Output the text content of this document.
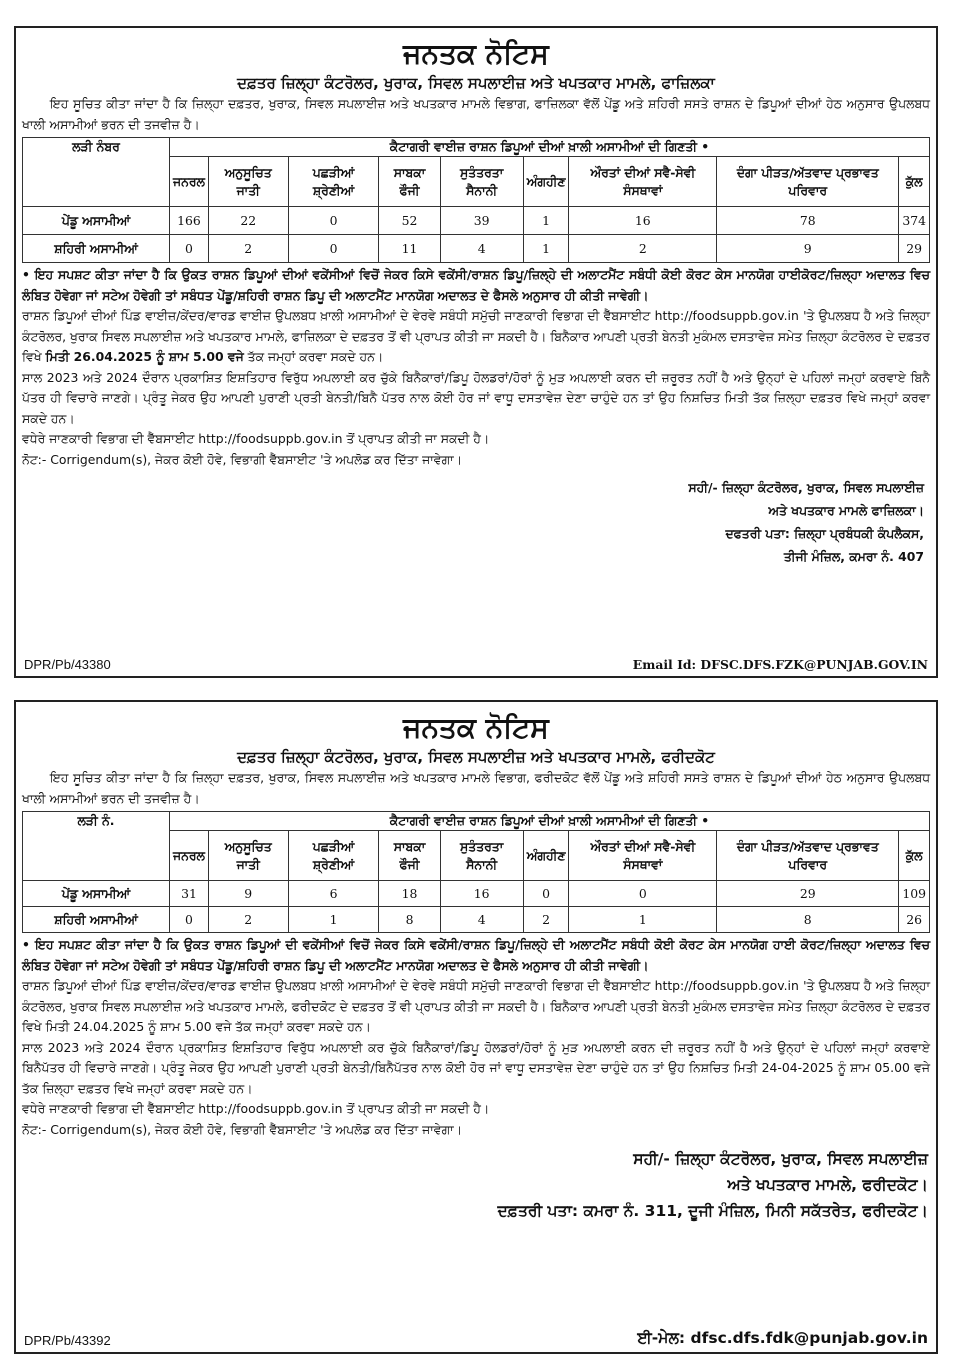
ਜਨਤਕ ਨੋਟਿਸ
ਦਫ਼ਤਰ ਜ਼ਿਲ੍ਹਾ ਕੰਟਰੋਲਰ, ਖੁਰਾਕ, ਸਿਵਲ ਸਪਲਾਈਜ਼ ਅਤੇ ਖਪਤਕਾਰ ਮਾਮਲੇ, ਫਾਜ਼ਿਲਕਾ

ਇਹ ਸੂਚਿਤ ਕੀਤਾ ਜਾਂਦਾ ਹੈ ਕਿ ਜ਼ਿਲ੍ਹਾ ਦਫ਼ਤਰ, ਖੁਰਾਕ, ਸਿਵਲ ਸਪਲਾਈਜ਼ ਅਤੇ ਖਪਤਕਾਰ ਮਾਮਲੇ ਵਿਭਾਗ, ਫਾਜ਼ਿਲਕਾ ਵੱਲੋਂ ਪੇਂਡੂ ਅਤੇ ਸ਼ਹਿਰੀ ਸਸਤੇ ਰਾਸ਼ਨ ਦੇ ਡਿਪੂਆਂ ਦੀਆਂ ਹੇਠ ਅਨੁਸਾਰ ਉਪਲਬਧ ਖਾਲੀ ਅਸਾਮੀਆਂ ਭਰਨ ਦੀ ਤਜਵੀਜ਼ ਹੈ।

ਲੜੀ ਨੰਬਰ	ਕੈਟਾਗਰੀ ਵਾਈਜ਼ ਰਾਸ਼ਨ ਡਿਪੂਆਂ ਦੀਆਂ ਖ਼ਾਲੀ ਅਸਾਮੀਆਂ ਦੀ ਗਿਣਤੀ •								
	ਜਨਰਲ	ਅਨੁਸੂਚਿਤ ਜਾਤੀ	ਪਛੜੀਆਂ ਸ਼੍ਰੇਣੀਆਂ	ਸਾਬਕਾ ਫੌਜੀ	ਸੁਤੰਤਰਤਾ ਸੈਨਾਨੀ	ਅੰਗਹੀਣ	ਔਰਤਾਂ ਦੀਆਂ ਸਵੈ-ਸੇਵੀ ਸੰਸਥਾਵਾਂ	ਦੰਗਾ ਪੀੜਤ/ਅੱਤਵਾਦ ਪ੍ਰਭਾਵਤ ਪਰਿਵਾਰ	ਕੁੱਲ
ਪੇਂਡੂ ਅਸਾਮੀਆਂ	166	22	0	52	39	1	16	78	374
ਸ਼ਹਿਰੀ ਅਸਾਮੀਆਂ	0	2	0	11	4	1	2	9	29

• ਇਹ ਸਪਸ਼ਟ ਕੀਤਾ ਜਾਂਦਾ ਹੈ ਕਿ ਉਕਤ ਰਾਸ਼ਨ ਡਿਪੂਆਂ ਦੀਆਂ ਵਕੇਂਸੀਆਂ ਵਿਚੋਂ ਜੇਕਰ ਕਿਸੇ ਵਕੇਂਸੀ/ਰਾਸ਼ਨ ਡਿਪੂ/ਜ਼ਿਲ੍ਹੇ ਦੀ ਅਲਾਟਮੈਂਟ ਸਬੰਧੀ ਕੋਈ ਕੋਰਟ ਕੇਸ ਮਾਨਯੋਗ ਹਾਈਕੋਰਟ/ਜ਼ਿਲ੍ਹਾ ਅਦਾਲਤ ਵਿਚ ਲੰਬਿਤ ਹੋਵੇਗਾ ਜਾਂ ਸਟੇਅ ਹੋਵੇਗੀ ਤਾਂ ਸਬੰਧਤ ਪੇਂਡੂ/ਸ਼ਹਿਰੀ ਰਾਸ਼ਨ ਡਿਪੂ ਦੀ ਅਲਾਟਮੈਂਟ ਮਾਨਯੋਗ ਅਦਾਲਤ ਦੇ ਫੈਸਲੇ ਅਨੁਸਾਰ ਹੀ ਕੀਤੀ ਜਾਵੇਗੀ।

ਰਾਸ਼ਨ ਡਿਪੂਆਂ ਦੀਆਂ ਪਿੰਡ ਵਾਈਜ਼/ਕੇਂਦਰ/ਵਾਰਡ ਵਾਈਜ਼ ਉਪਲਬਧ ਖ਼ਾਲੀ ਅਸਾਮੀਆਂ ਦੇ ਵੇਰਵੇ ਸਬੰਧੀ ਸਮੁੱਚੀ ਜਾਣਕਾਰੀ ਵਿਭਾਗ ਦੀ ਵੈੱਬਸਾਈਟ http://foodsuppb.gov.in 'ਤੇ ਉਪਲਬਧ ਹੈ ਅਤੇ ਜ਼ਿਲ੍ਹਾ ਕੰਟਰੋਲਰ, ਖੁਰਾਕ ਸਿਵਲ ਸਪਲਾਈਜ਼ ਅਤੇ ਖਪਤਕਾਰ ਮਾਮਲੇ, ਫਾਜ਼ਿਲਕਾ ਦੇ ਦਫ਼ਤਰ ਤੋਂ ਵੀ ਪ੍ਰਾਪਤ ਕੀਤੀ ਜਾ ਸਕਦੀ ਹੈ। ਬਿਨੈਕਾਰ ਆਪਣੀ ਪ੍ਰਤੀ ਬੇਨਤੀ ਮੁਕੰਮਲ ਦਸਤਾਵੇਜ਼ ਸਮੇਤ ਜ਼ਿਲ੍ਹਾ ਕੰਟਰੋਲਰ ਦੇ ਦਫ਼ਤਰ ਵਿਖੇ ਮਿਤੀ 26.04.2025 ਨੂੰ ਸ਼ਾਮ 5.00 ਵਜੇ ਤੱਕ ਜਮ੍ਹਾਂ ਕਰਵਾ ਸਕਦੇ ਹਨ।

ਸਾਲ 2023 ਅਤੇ 2024 ਦੌਰਾਨ ਪ੍ਰਕਾਸ਼ਿਤ ਇਸ਼ਤਿਹਾਰ ਵਿਰੁੱਧ ਅਪਲਾਈ ਕਰ ਚੁੱਕੇ ਬਿਨੈਕਾਰਾਂ/ਡਿਪੂ ਹੋਲਡਰਾਂ/ਹੋਰਾਂ ਨੂੰ ਮੁੜ ਅਪਲਾਈ ਕਰਨ ਦੀ ਜ਼ਰੂਰਤ ਨਹੀਂ ਹੈ ਅਤੇ ਉਨ੍ਹਾਂ ਦੇ ਪਹਿਲਾਂ ਜਮ੍ਹਾਂ ਕਰਵਾਏ ਬਿਨੈ ਪੱਤਰ ਹੀ ਵਿਚਾਰੇ ਜਾਣਗੇ। ਪ੍ਰੰਤੂ ਜੇਕਰ ਉਹ ਆਪਣੀ ਪੁਰਾਣੀ ਪ੍ਰਤੀ ਬੇਨਤੀ/ਬਿਨੈ ਪੱਤਰ ਨਾਲ ਕੋਈ ਹੋਰ ਜਾਂ ਵਾਧੂ ਦਸਤਾਵੇਜ਼ ਦੇਣਾ ਚਾਹੁੰਦੇ ਹਨ ਤਾਂ ਉਹ ਨਿਸ਼ਚਿਤ ਮਿਤੀ ਤੱਕ ਜ਼ਿਲ੍ਹਾ ਦਫ਼ਤਰ ਵਿਖੇ ਜਮ੍ਹਾਂ ਕਰਵਾ ਸਕਦੇ ਹਨ।

ਵਧੇਰੇ ਜਾਣਕਾਰੀ ਵਿਭਾਗ ਦੀ ਵੈੱਬਸਾਈਟ http://foodsuppb.gov.in ਤੋਂ ਪ੍ਰਾਪਤ ਕੀਤੀ ਜਾ ਸਕਦੀ ਹੈ।

ਨੋਟ:- Corrigendum(s), ਜੇਕਰ ਕੋਈ ਹੋਵੇ, ਵਿਭਾਗੀ ਵੈੱਬਸਾਈਟ 'ਤੇ ਅਪਲੋਡ ਕਰ ਦਿੱਤਾ ਜਾਵੇਗਾ।

ਸਹੀ/- ਜ਼ਿਲ੍ਹਾ ਕੰਟਰੋਲਰ, ਖੁਰਾਕ, ਸਿਵਲ ਸਪਲਾਈਜ਼
ਅਤੇ ਖਪਤਕਾਰ ਮਾਮਲੇ ਫਾਜ਼ਿਲਕਾ।
ਦਫਤਰੀ ਪਤਾ: ਜ਼ਿਲ੍ਹਾ ਪ੍ਰਬੰਧਕੀ ਕੰਪਲੈਕਸ,
ਤੀਜੀ ਮੰਜ਼ਿਲ, ਕਮਰਾ ਨੰ. 407
DPR/Pb/43380	Email Id: DFSC.DFS.FZK@PUNJAB.GOV.IN
ਜਨਤਕ ਨੋਟਿਸ
ਦਫ਼ਤਰ ਜ਼ਿਲ੍ਹਾ ਕੰਟਰੋਲਰ, ਖੁਰਾਕ, ਸਿਵਲ ਸਪਲਾਈਜ਼ ਅਤੇ ਖਪਤਕਾਰ ਮਾਮਲੇ, ਫਰੀਦਕੋਟ

ਇਹ ਸੂਚਿਤ ਕੀਤਾ ਜਾਂਦਾ ਹੈ ਕਿ ਜ਼ਿਲ੍ਹਾ ਦਫ਼ਤਰ, ਖੁਰਾਕ, ਸਿਵਲ ਸਪਲਾਈਜ਼ ਅਤੇ ਖਪਤਕਾਰ ਮਾਮਲੇ ਵਿਭਾਗ, ਫਰੀਦਕੋਟ ਵੱਲੋਂ ਪੇਂਡੂ ਅਤੇ ਸ਼ਹਿਰੀ ਸਸਤੇ ਰਾਸ਼ਨ ਦੇ ਡਿਪੂਆਂ ਦੀਆਂ ਹੇਠ ਅਨੁਸਾਰ ਉਪਲਬਧ ਖਾਲੀ ਅਸਾਮੀਆਂ ਭਰਨ ਦੀ ਤਜਵੀਜ਼ ਹੈ।

ਲੜੀ ਨੰ.	ਕੈਟਾਗਰੀ ਵਾਈਜ਼ ਰਾਸ਼ਨ ਡਿਪੂਆਂ ਦੀਆਂ ਖ਼ਾਲੀ ਅਸਾਮੀਆਂ ਦੀ ਗਿਣਤੀ •								
	ਜਨਰਲ	ਅਨੁਸੂਚਿਤ ਜਾਤੀ	ਪਛੜੀਆਂ ਸ਼੍ਰੇਣੀਆਂ	ਸਾਬਕਾ ਫੌਜੀ	ਸੁਤੰਤਰਤਾ ਸੈਨਾਨੀ	ਅੰਗਹੀਣ	ਔਰਤਾਂ ਦੀਆਂ ਸਵੈ-ਸੇਵੀ ਸੰਸਥਾਵਾਂ	ਦੰਗਾ ਪੀੜਤ/ਅੱਤਵਾਦ ਪ੍ਰਭਾਵਤ ਪਰਿਵਾਰ	ਕੁੱਲ
ਪੇਂਡੂ ਅਸਾਮੀਆਂ	31	9	6	18	16	0	0	29	109
ਸ਼ਹਿਰੀ ਅਸਾਮੀਆਂ	0	2	1	8	4	2	1	8	26

• ਇਹ ਸਪਸ਼ਟ ਕੀਤਾ ਜਾਂਦਾ ਹੈ ਕਿ ਉਕਤ ਰਾਸ਼ਨ ਡਿਪੂਆਂ ਦੀ ਵਕੇਂਸੀਆਂ ਵਿਚੋਂ ਜੇਕਰ ਕਿਸੇ ਵਕੇਂਸੀ/ਰਾਸ਼ਨ ਡਿਪੂ/ਜ਼ਿਲ੍ਹੇ ਦੀ ਅਲਾਟਮੈਂਟ ਸਬੰਧੀ ਕੋਈ ਕੋਰਟ ਕੇਸ ਮਾਨਯੋਗ ਹਾਈ ਕੋਰਟ/ਜ਼ਿਲ੍ਹਾ ਅਦਾਲਤ ਵਿਚ ਲੰਬਿਤ ਹੋਵੇਗਾ ਜਾਂ ਸਟੇਅ ਹੋਵੇਗੀ ਤਾਂ ਸਬੰਧਤ ਪੇਂਡੂ/ਸ਼ਹਿਰੀ ਰਾਸ਼ਨ ਡਿਪੂ ਦੀ ਅਲਾਟਮੈਂਟ ਮਾਨਯੋਗ ਅਦਾਲਤ ਦੇ ਫੈਸਲੇ ਅਨੁਸਾਰ ਹੀ ਕੀਤੀ ਜਾਵੇਗੀ।

ਰਾਸ਼ਨ ਡਿਪੂਆਂ ਦੀਆਂ ਪਿੰਡ ਵਾਈਜ਼/ਕੇਂਦਰ/ਵਾਰਡ ਵਾਈਜ਼ ਉਪਲਬਧ ਖ਼ਾਲੀ ਅਸਾਮੀਆਂ ਦੇ ਵੇਰਵੇ ਸਬੰਧੀ ਸਮੁੱਚੀ ਜਾਣਕਾਰੀ ਵਿਭਾਗ ਦੀ ਵੈੱਬਸਾਈਟ http://foodsuppb.gov.in 'ਤੇ ਉਪਲਬਧ ਹੈ ਅਤੇ ਜ਼ਿਲ੍ਹਾ ਕੰਟਰੋਲਰ, ਖੁਰਾਕ ਸਿਵਲ ਸਪਲਾਈਜ਼ ਅਤੇ ਖਪਤਕਾਰ ਮਾਮਲੇ, ਫਰੀਦਕੋਟ ਦੇ ਦਫ਼ਤਰ ਤੋਂ ਵੀ ਪ੍ਰਾਪਤ ਕੀਤੀ ਜਾ ਸਕਦੀ ਹੈ। ਬਿਨੈਕਾਰ ਆਪਣੀ ਪ੍ਰਤੀ ਬੇਨਤੀ ਮੁਕੰਮਲ ਦਸਤਾਵੇਜ਼ ਸਮੇਤ ਜ਼ਿਲ੍ਹਾ ਕੰਟਰੋਲਰ ਦੇ ਦਫ਼ਤਰ ਵਿਖੇ ਮਿਤੀ 24.04.2025 ਨੂੰ ਸ਼ਾਮ 5.00 ਵਜੇ ਤੱਕ ਜਮ੍ਹਾਂ ਕਰਵਾ ਸਕਦੇ ਹਨ।

ਸਾਲ 2023 ਅਤੇ 2024 ਦੌਰਾਨ ਪ੍ਰਕਾਸ਼ਿਤ ਇਸ਼ਤਿਹਾਰ ਵਿਰੁੱਧ ਅਪਲਾਈ ਕਰ ਚੁੱਕੇ ਬਿਨੈਕਾਰਾਂ/ਡਿਪੂ ਹੋਲਡਰਾਂ/ਹੋਰਾਂ ਨੂੰ ਮੁੜ ਅਪਲਾਈ ਕਰਨ ਦੀ ਜ਼ਰੂਰਤ ਨਹੀਂ ਹੈ ਅਤੇ ਉਨ੍ਹਾਂ ਦੇ ਪਹਿਲਾਂ ਜਮ੍ਹਾਂ ਕਰਵਾਏ ਬਿਨੈਪੱਤਰ ਹੀ ਵਿਚਾਰੇ ਜਾਣਗੇ। ਪ੍ਰੰਤੂ ਜੇਕਰ ਉਹ ਆਪਣੀ ਪੁਰਾਣੀ ਪ੍ਰਤੀ ਬੇਨਤੀ/ਬਿਨੈਪੱਤਰ ਨਾਲ ਕੋਈ ਹੋਰ ਜਾਂ ਵਾਧੂ ਦਸਤਾਵੇਜ਼ ਦੇਣਾ ਚਾਹੁੰਦੇ ਹਨ ਤਾਂ ਉਹ ਨਿਸ਼ਚਿਤ ਮਿਤੀ 24-04-2025 ਨੂੰ ਸ਼ਾਮ 05.00 ਵਜੇ ਤੱਕ ਜ਼ਿਲ੍ਹਾ ਦਫ਼ਤਰ ਵਿਖੇ ਜਮ੍ਹਾਂ ਕਰਵਾ ਸਕਦੇ ਹਨ।

ਵਧੇਰੇ ਜਾਣਕਾਰੀ ਵਿਭਾਗ ਦੀ ਵੈੱਬਸਾਈਟ http://foodsuppb.gov.in ਤੋਂ ਪ੍ਰਾਪਤ ਕੀਤੀ ਜਾ ਸਕਦੀ ਹੈ।

ਨੋਟ:- Corrigendum(s), ਜੇਕਰ ਕੋਈ ਹੋਵੇ, ਵਿਭਾਗੀ ਵੈੱਬਸਾਈਟ 'ਤੇ ਅਪਲੋਡ ਕਰ ਦਿੱਤਾ ਜਾਵੇਗਾ।

ਸਹੀ/- ਜ਼ਿਲ੍ਹਾ ਕੰਟਰੋਲਰ, ਖੁਰਾਕ, ਸਿਵਲ ਸਪਲਾਈਜ਼
ਅਤੇ ਖਪਤਕਾਰ ਮਾਮਲੇ, ਫਰੀਦਕੋਟ।
ਦਫ਼ਤਰੀ ਪਤਾ: ਕਮਰਾ ਨੰ. 311, ਦੂਜੀ ਮੰਜ਼ਿਲ, ਮਿਨੀ ਸਕੱਤਰੇਤ, ਫਰੀਦਕੋਟ।
DPR/Pb/43392	ਈ-ਮੇਲ: dfsc.dfs.fdk@punjab.gov.in
